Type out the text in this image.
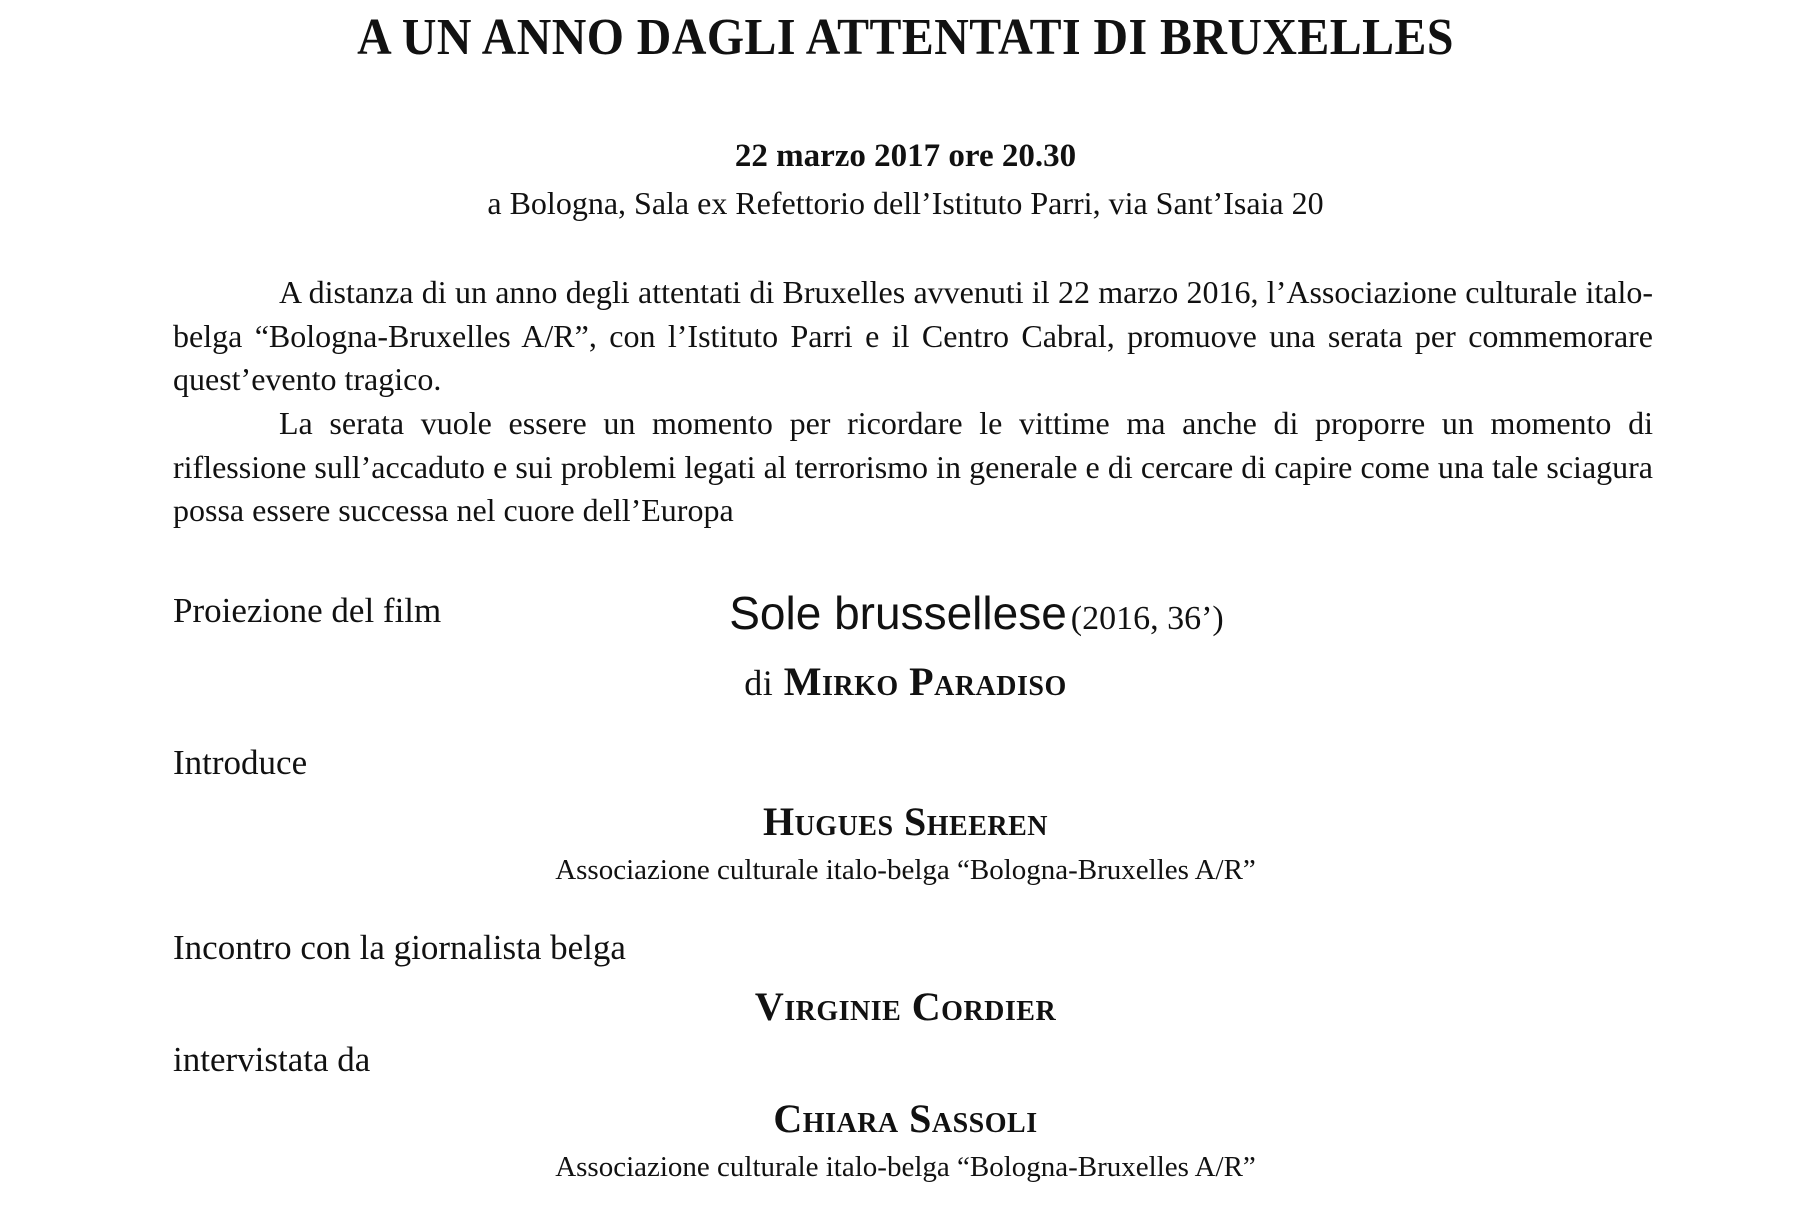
A UN ANNO DAGLI ATTENTATI DI BRUXELLES
22 marzo 2017 ore 20.30
a Bologna, Sala ex Refettorio dell’Istituto Parri, via Sant’Isaia 20

A distanza di un anno degli attentati di Bruxelles avvenuti il 22 marzo 2016, l’Associazione culturale italo-belga “Bologna-Bruxelles A/R”, con l’Istituto Parri e il Centro Cabral, promuove una serata per commemorare quest’evento tragico.

La serata vuole essere un momento per ricordare le vittime ma anche di proporre un momento di riflessione sull’accaduto e sui problemi legati al terrorismo in generale e di cercare di capire come una tale sciagura possa essere successa nel cuore dell’Europa

Proiezione del film	Sole brussellese (2016, 36’)
di Mirko Paradiso
Introduce
Hugues Sheeren
Associazione culturale italo-belga “Bologna-Bruxelles A/R”
Incontro con la giornalista belga
Virginie Cordier
intervistata da
Chiara Sassoli
Associazione culturale italo-belga “Bologna-Bruxelles A/R”
